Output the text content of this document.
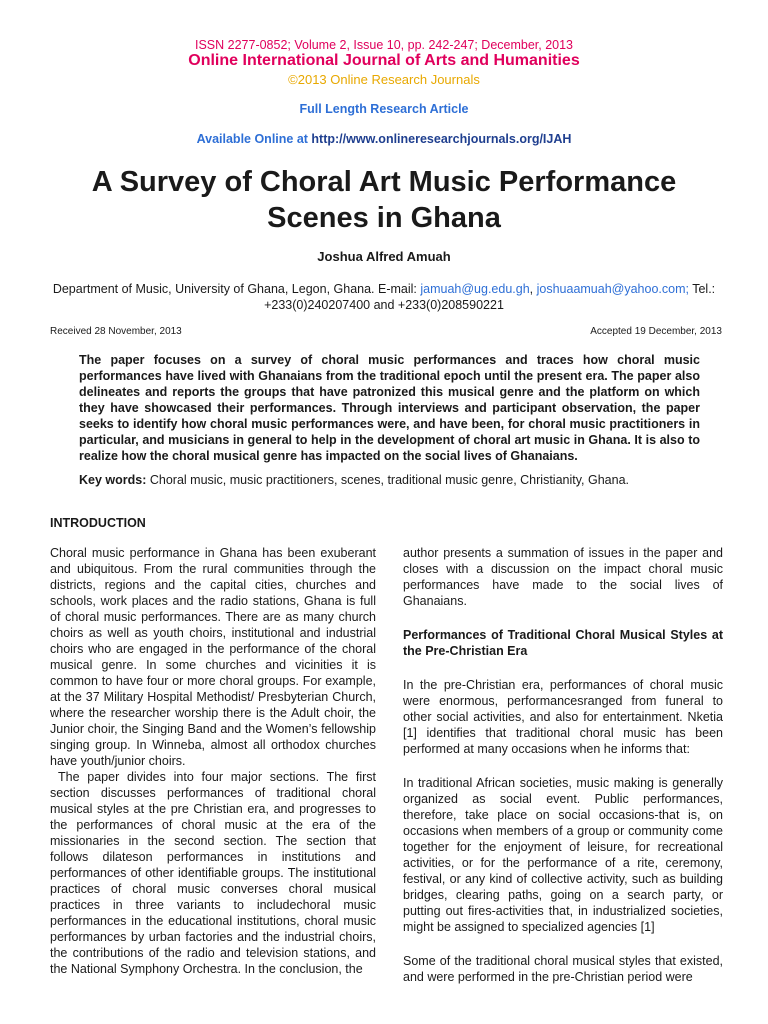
ISSN 2277-0852; Volume 2, Issue 10, pp. 242-247; December, 2013
Online International Journal of Arts and Humanities
©2013 Online Research Journals
Full Length Research Article
Available Online at http://www.onlineresearchjournals.org/IJAH
A Survey of Choral Art Music Performance
Scenes in Ghana
Joshua Alfred Amuah
Department of Music, University of Ghana, Legon, Ghana. E-mail: jamuah@ug.edu.gh, joshuaamuah@yahoo.com; Tel.:
+233(0)240207400 and +233(0)208590221
Received 28 November, 2013	Accepted 19 December, 2013
The paper focuses on a survey of choral music performances and traces how choral music performances have lived with Ghanaians from the traditional epoch until the present era. The paper also delineates and reports the groups that have patronized this musical genre and the platform on which they have showcased their performances. Through interviews and participant observation, the paper seeks to identify how choral music performances were, and have been, for choral music practitioners in particular, and musicians in general to help in the development of choral art music in Ghana. It is also to realize how the choral musical genre has impacted on the social lives of Ghanaians.
Key words: Choral music, music practitioners, scenes, traditional music genre, Christianity, Ghana.
INTRODUCTION

Choral music performance in Ghana has been exuberant and ubiquitous. From the rural communities through the districts, regions and the capital cities, churches and schools, work places and the radio stations, Ghana is full of choral music performances. There are as many church choirs as well as youth choirs, institutional and industrial choirs who are engaged in the performance of the choral musical genre. In some churches and vicinities it is common to have four or more choral groups. For example, at the 37 Military Hospital Methodist/ Presbyterian Church, where the researcher worship there is the Adult choir, the Junior choir, the Singing Band and the Women’s fellowship singing group. In Winneba, almost all orthodox churches have youth/junior choirs.

The paper divides into four major sections. The first section discusses performances of traditional choral musical styles at the pre Christian era, and progresses to the performances of choral music at the era of the missionaries in the second section. The section that follows dilateson performances in institutions and performances of other identifiable groups. The institutional practices of choral music converses choral musical practices in three variants to includechoral music performances in the educational institutions, choral music performances by urban factories and the industrial choirs, the contributions of the radio and television stations, and the National Symphony Orchestra. In the conclusion, the

author presents a summation of issues in the paper and closes with a discussion on the impact choral music performances have made to the social lives of Ghanaians.

Performances of Traditional Choral Musical Styles at the Pre-Christian Era

In the pre-Christian era, performances of choral music were enormous, performancesranged from funeral to other social activities, and also for entertainment. Nketia [1] identifies that traditional choral music has been performed at many occasions when he informs that:

In traditional African societies, music making is generally organized as social event. Public performances, therefore, take place on social occasions-that is, on occasions when members of a group or community come together for the enjoyment of leisure, for recreational activities, or for the performance of a rite, ceremony, festival, or any kind of collective activity, such as building bridges, clearing paths, going on a search party, or putting out fires-activities that, in industrialized societies, might be assigned to specialized agencies [1]

Some of the traditional choral musical styles that existed, and were performed in the pre-Christian period were
